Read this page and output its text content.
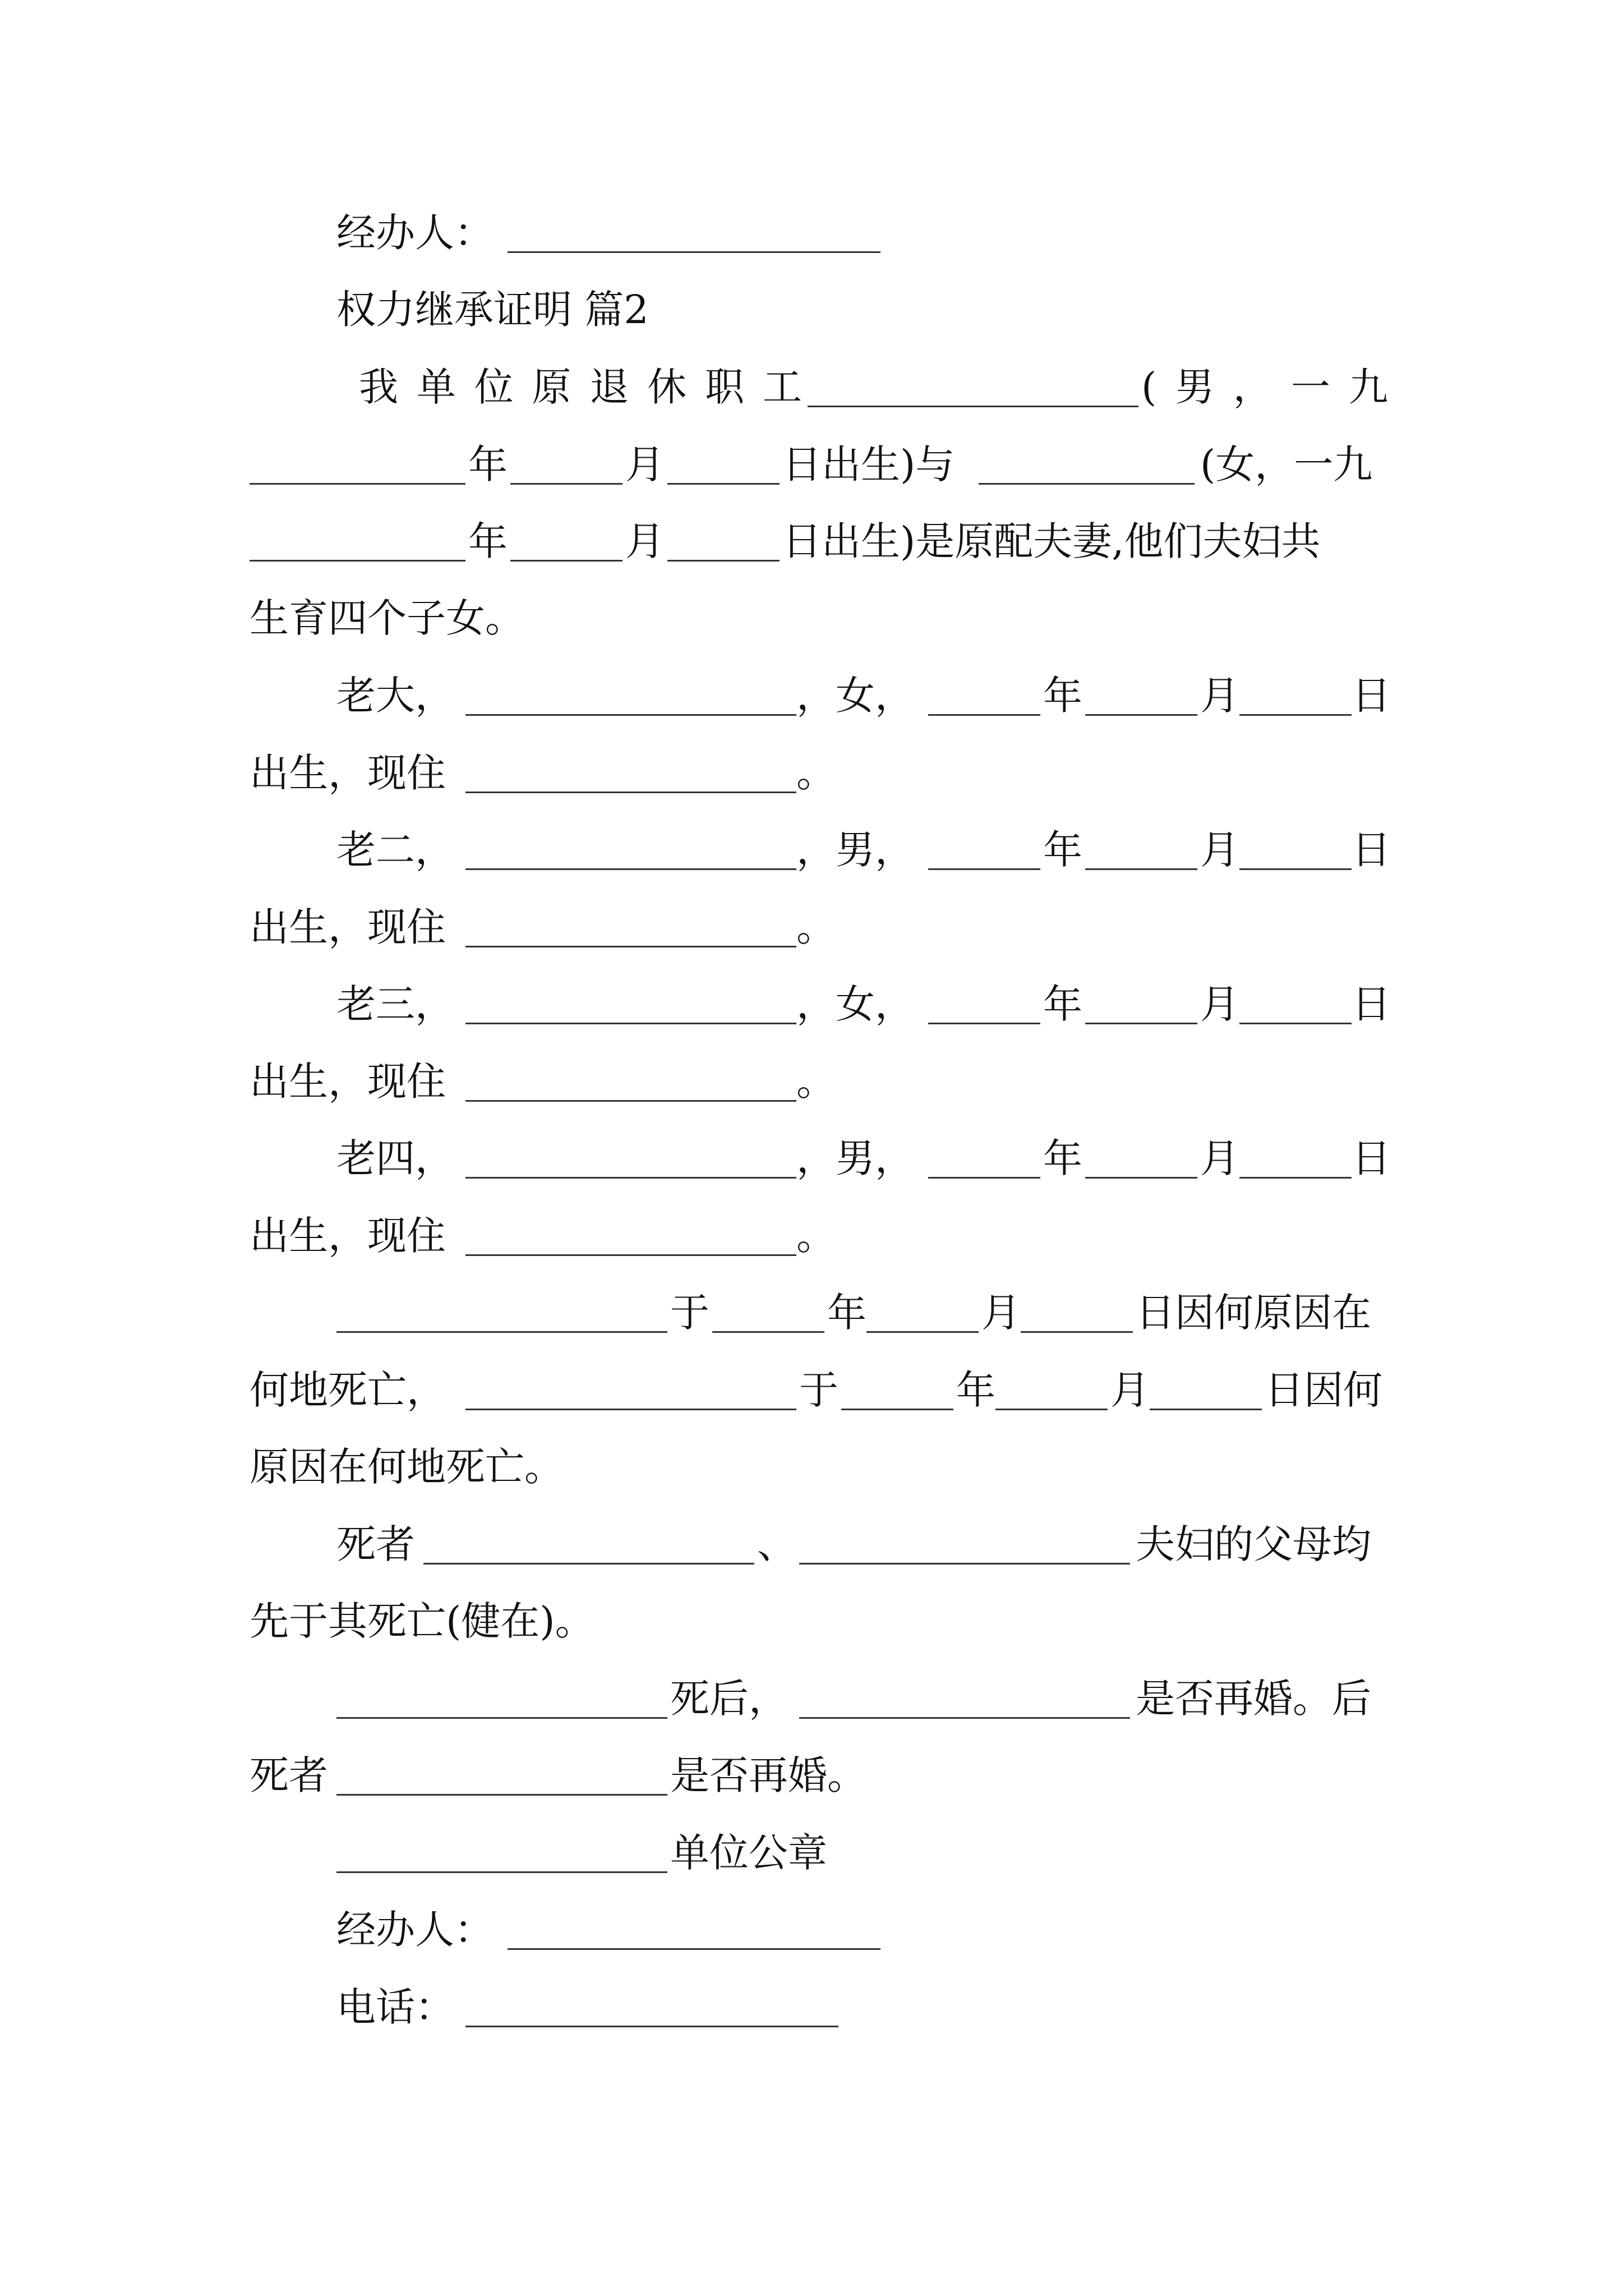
经办人：
权力继承证明 篇2
我 单 位 原 退 休 职 工	( 男 ， 一 九
年	月	日出生)与	(女，一九
年	月	日出生)是原配夫妻,他们夫妇共
生育四个子女。
老大，	，女，	年	月	日
出生，现住	。
老二，	，男，	年	月	日
出生，现住	。
老三，	，女，	年	月	日
出生，现住	。
老四，	，男，	年	月	日
出生，现住	。
于	年	月	日因何原因在
何地死亡，	于	年	月	日因何
原因在何地死亡。
死者	、	夫妇的父母均
先于其死亡(健在)。
死后，	是否再婚。后
死者	是否再婚。
单位公章
经办人：
电话：
